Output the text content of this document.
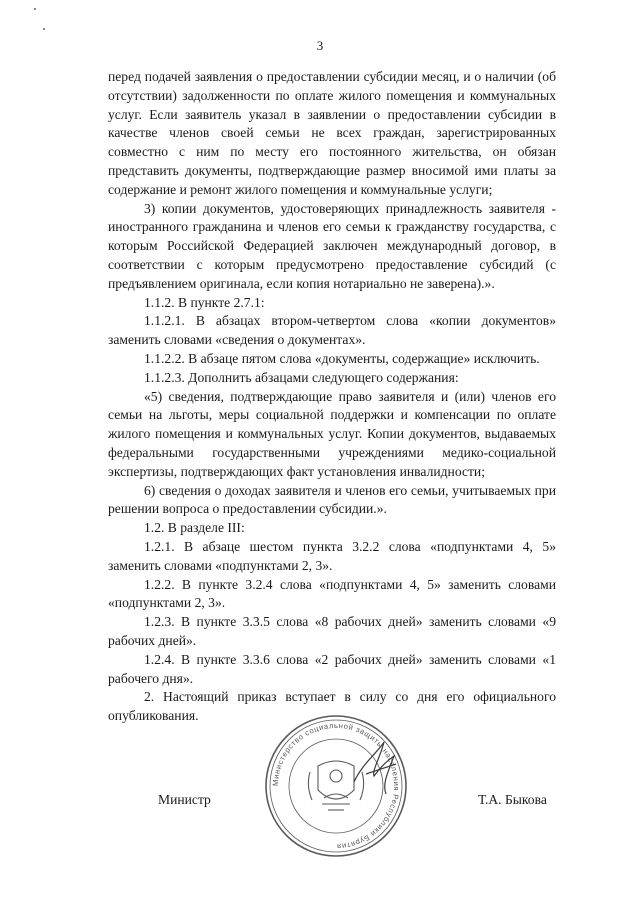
3

перед подачей заявления о предоставлении субсидии месяц, и о наличии (об отсутствии) задолженности по оплате жилого помещения и коммунальных услуг. Если заявитель указал в заявлении о предоставлении субсидии в качестве членов своей семьи не всех граждан, зарегистрированных совместно с ним по месту его постоянного жительства, он обязан представить документы, подтверждающие размер вносимой ими платы за содержание и ремонт жилого помещения и коммунальные услуги;

3) копии документов, удостоверяющих принадлежность заявителя - иностранного гражданина и членов его семьи к гражданству государства, с которым Российской Федерацией заключен международный договор, в соответствии с которым предусмотрено предоставление субсидий (с предъявлением оригинала, если копия нотариально не заверена).».

1.1.2. В пункте 2.7.1:

1.1.2.1. В абзацах втором-четвертом слова «копии документов» заменить словами «сведения о документах».

1.1.2.2. В абзаце пятом слова «документы, содержащие» исключить.

1.1.2.3. Дополнить абзацами следующего содержания:

«5) сведения, подтверждающие право заявителя и (или) членов его семьи на льготы, меры социальной поддержки и компенсации по оплате жилого помещения и коммунальных услуг. Копии документов, выдаваемых федеральными государственными учреждениями медико-социальной экспертизы, подтверждающих факт установления инвалидности;

6) сведения о доходах заявителя и членов его семьи, учитываемых при решении вопроса о предоставлении субсидии.».

1.2. В разделе III:

1.2.1. В абзаце шестом пункта 3.2.2 слова «подпунктами 4, 5» заменить словами «подпунктами 2, 3».

1.2.2. В пункте 3.2.4 слова «подпунктами 4, 5» заменить словами «подпунктами 2, 3».

1.2.3. В пункте 3.3.5 слова «8 рабочих дней» заменить словами «9 рабочих дней».

1.2.4. В пункте 3.3.6 слова «2 рабочих дней» заменить словами «1 рабочего дня».

2. Настоящий приказ вступает в силу со дня его официального опубликования.

Министерство социальной защиты населения Республики Бурятия
Министр	Т.А. Быкова
